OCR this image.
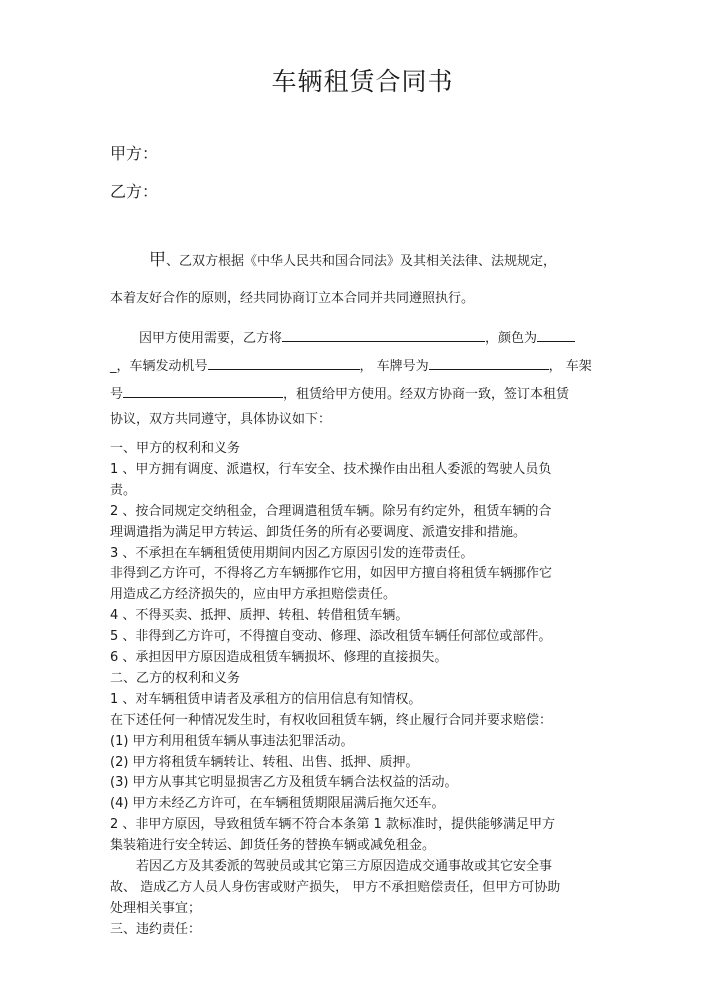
车辆租赁合同书
甲方：
乙方：
甲、乙双方根据《中华人民共和国合同法》及其相关法律、法规规定，
本着友好合作的原则，经共同协商订立本合同并共同遵照执行。
因甲方使用需要，乙方将	，颜色为
_，车辆发动机号	， 车牌号为	， 车架
号	，租赁给甲方使用。经双方协商一致，签订本租赁
协议，双方共同遵守，具体协议如下：
一、甲方的权利和义务
1 、甲方拥有调度、派遣权，行车安全、技术操作由出租人委派的驾驶人员负
责。
2 、按合同规定交纳租金，合理调遣租赁车辆。除另有约定外，租赁车辆的合
理调遣指为满足甲方转运、卸货任务的所有必要调度、派遣安排和措施。
3 、不承担在车辆租赁使用期间内因乙方原因引发的连带责任。
非得到乙方许可，不得将乙方车辆挪作它用，如因甲方擅自将租赁车辆挪作它
用造成乙方经济损失的，应由甲方承担赔偿责任。
4 、不得买卖、抵押、质押、转租、转借租赁车辆。
5 、非得到乙方许可，不得擅自变动、修理、添改租赁车辆任何部位或部件。
6 、承担因甲方原因造成租赁车辆损坏、修理的直接损失。
二、乙方的权利和义务
1 、对车辆租赁申请者及承租方的信用信息有知情权。
在下述任何一种情况发生时，有权收回租赁车辆，终止履行合同并要求赔偿：
(1) 甲方利用租赁车辆从事违法犯罪活动。
(2) 甲方将租赁车辆转让、转租、出售、抵押、质押。
(3) 甲方从事其它明显损害乙方及租赁车辆合法权益的活动。
(4) 甲方未经乙方许可，在车辆租赁期限届满后拖欠还车。
2 、非甲方原因，导致租赁车辆不符合本条第 1 款标准时，提供能够满足甲方
集装箱进行安全转运、卸货任务的替换车辆或减免租金。
　　若因乙方及其委派的驾驶员或其它第三方原因造成交通事故或其它安全事
故、 造成乙方人员人身伤害或财产损失， 甲方不承担赔偿责任，但甲方可协助
处理相关事宜；
三、违约责任：
